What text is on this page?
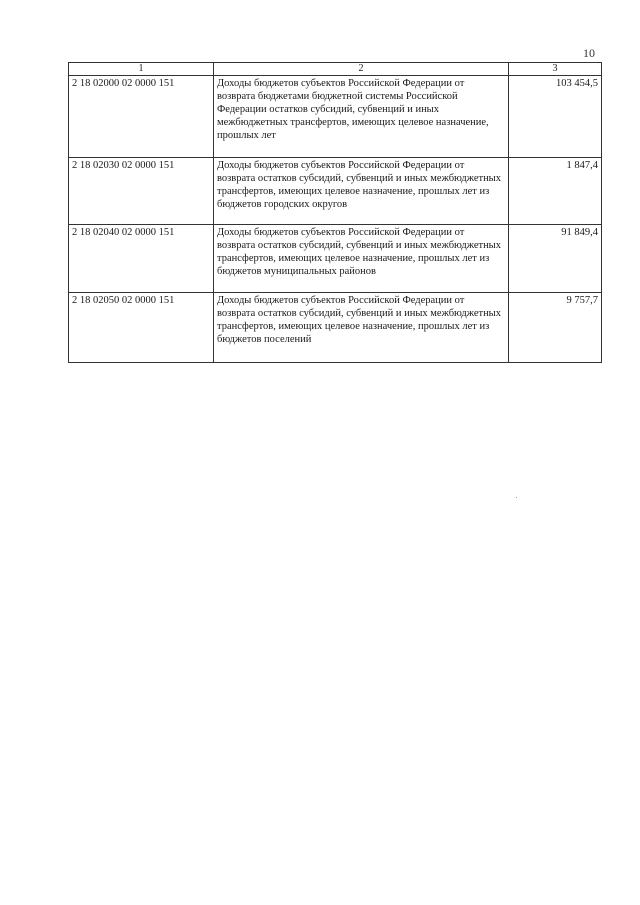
10
1	2	3
2 18 02000 02 0000 151	Доходы бюджетов субъектов Российской Федерации от возврата бюджетами бюджетной системы Российской Федерации остатков субсидий, субвенций и иных межбюджетных трансфертов, имеющих целевое назначение, прошлых лет	103 454,5
2 18 02030 02 0000 151	Доходы бюджетов субъектов Российской Федерации от возврата остатков субсидий, субвенций и иных межбюджетных трансфертов, имеющих целевое назначение, прошлых лет из бюджетов городских округов	1 847,4
2 18 02040 02 0000 151	Доходы бюджетов субъектов Российской Федерации от возврата остатков субсидий, субвенций и иных межбюджетных трансфертов, имеющих целевое назначение, прошлых лет из бюджетов муниципальных районов	91 849,4
2 18 02050 02 0000 151	Доходы бюджетов субъектов Российской Федерации от возврата остатков субсидий, субвенций и иных межбюджетных трансфертов, имеющих целевое назначение, прошлых лет из бюджетов поселений	9 757,7
